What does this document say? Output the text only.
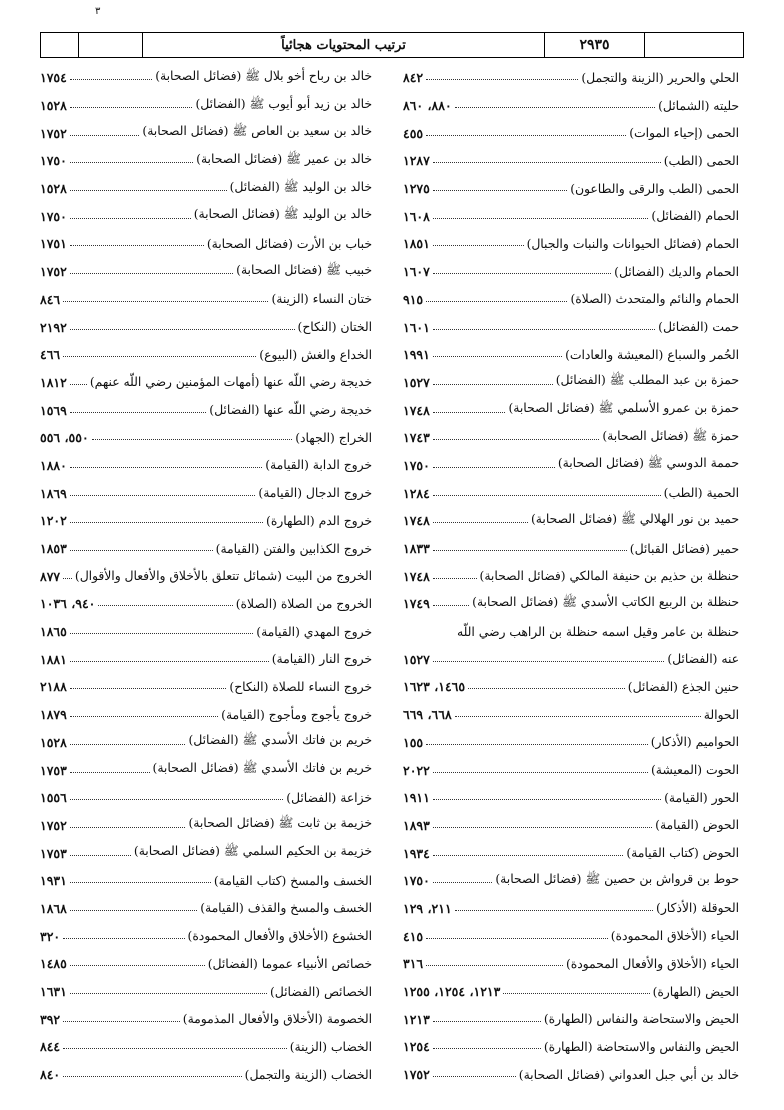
٣
ترتيب المحتويات هجائياً	٢٩٣٥
الحلي والحرير (الزينة والتجمل)
٨٤٢
حليته (الشمائل)
٨٨٠، ٨٦٠
الحمى (إحياء الموات)
٤٥٥
الحمى (الطب)
١٢٨٧
الحمى (الطب والرقى والطاعون)
١٢٧٥
الحمام (الفضائل)
١٦٠٨
الحمام (فضائل الحيوانات والنبات والجبال)
١٨٥١
الحمام والديك (الفضائل)
١٦٠٧
الحمام والنائم والمتحدث (الصلاة)
٩١٥
حمت (الفضائل)
١٦٠١
الحُمر والسباع (المعيشة والعادات)
١٩٩١
حمزة بن عبد المطلب ﷺ (الفضائل)
١٥٢٧
حمزة بن عمرو الأسلمي ﷺ (فضائل الصحابة)
١٧٤٨
حمزة ﷺ (فضائل الصحابة)
١٧٤٣
حممة الدوسي ﷺ (فضائل الصحابة)
١٧٥٠
الحمية (الطب)
١٢٨٤
حميد بن نور الهلالي ﷺ (فضائل الصحابة)
١٧٤٨
حمير (فضائل القبائل)
١٨٣٣
حنظلة بن حذيم بن حنيفة المالكي (فضائل الصحابة)
١٧٤٨
حنظلة بن الربيع الكاتب الأسدي ﷺ (فضائل الصحابة)
١٧٤٩
حنظلة بن عامر وقيل اسمه حنظلة بن الراهب رضي اللّه
عنه (الفضائل)
١٥٢٧
حنين الجذع (الفضائل)
١٤٦٥، ١٦٢٣
الحوالة
٦٦٨، ٦٦٩
الحواميم (الأذكار)
١٥٥
الحوت (المعيشة)
٢٠٢٢
الحور (القيامة)
١٩١١
الحوض (القيامة)
١٨٩٣
الحوض (كتاب القيامة)
١٩٣٤
حوط بن قرواش بن حصين ﷺ (فضائل الصحابة)
١٧٥٠
الحوقلة (الأذكار)
٢١١، ١٢٩
الحياء (الأخلاق المحمودة)
٤١٥
الحياء (الأخلاق والأفعال المحمودة)
٣١٦
الحيض (الطهارة)
١٢١٣، ١٢٥٤، ١٢٥٥
الحيض والاستحاضة والنفاس (الطهارة)
١٢١٣
الحيض والنفاس والاستحاضة (الطهارة)
١٢٥٤
خالد بن أبي جبل العدواني (فضائل الصحابة)
١٧٥٢
خالد بن رباح أخو بلال ﷺ (فضائل الصحابة)
١٧٥٤
خالد بن زيد أبو أيوب ﷺ (الفضائل)
١٥٢٨
خالد بن سعيد بن العاص ﷺ (فضائل الصحابة)
١٧٥٢
خالد بن عمير ﷺ (فضائل الصحابة)
١٧٥٠
خالد بن الوليد ﷺ (الفضائل)
١٥٢٨
خالد بن الوليد ﷺ (فضائل الصحابة)
١٧٥٠
خباب بن الأرت (فضائل الصحابة)
١٧٥١
خبيب ﷺ (فضائل الصحابة)
١٧٥٢
ختان النساء (الزينة)
٨٤٦
الختان (النكاح)
٢١٩٢
الخداع والغش (البيوع)
٤٦٦
خديجة رضي اللّه عنها (أمهات المؤمنين رضي اللّه عنهم)
١٨١٢
خديجة رضي اللّه عنها (الفضائل)
١٥٦٩
الخراج (الجهاد)
٥٥٠، ٥٥٦
خروج الدابة (القيامة)
١٨٨٠
خروج الدجال (القيامة)
١٨٦٩
خروج الدم (الطهارة)
١٢٠٢
خروج الكذابين والفتن (القيامة)
١٨٥٣
الخروج من البيت (شمائل تتعلق بالأخلاق والأفعال والأقوال)
٨٧٧
الخروج من الصلاة (الصلاة)
٩٤٠، ١٠٣٦
خروج المهدي (القيامة)
١٨٦٥
خروج النار (القيامة)
١٨٨١
خروج النساء للصلاة (النكاح)
٢١٨٨
خروج يأجوج ومأجوج (القيامة)
١٨٧٩
خريم بن فاتك الأسدي ﷺ (الفضائل)
١٥٢٨
خريم بن فاتك الأسدي ﷺ (فضائل الصحابة)
١٧٥٣
خزاعة (الفضائل)
١٥٥٦
خزيمة بن ثابت ﷺ (فضائل الصحابة)
١٧٥٢
خزيمة بن الحكيم السلمي ﷺ (فضائل الصحابة)
١٧٥٣
الخسف والمسخ (كتاب القيامة)
١٩٣١
الخسف والمسخ والقذف (القيامة)
١٨٦٨
الخشوع (الأخلاق والأفعال المحمودة)
٣٢٠
خصائص الأنبياء عموما (الفضائل)
١٤٨٥
الخصائص (الفضائل)
١٦٣١
الخصومة (الأخلاق والأفعال المذمومة)
٣٩٢
الخضاب (الزينة)
٨٤٤
الخضاب (الزينة والتجمل)
٨٤٠
